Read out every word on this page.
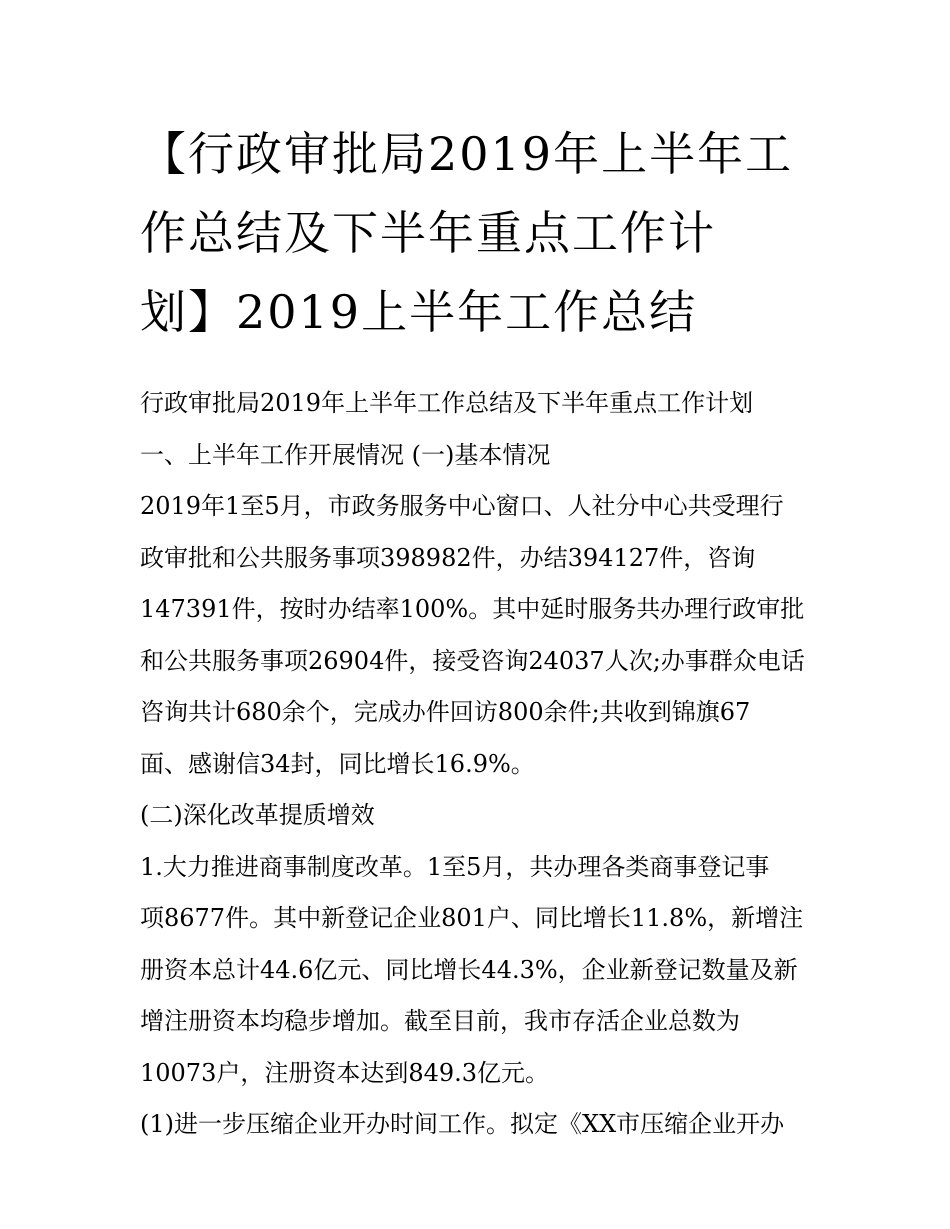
【行政审批局2019年上半年工
作总结及下半年重点工作计
划】2019上半年工作总结

行政审批局2019年上半年工作总结及下半年重点工作计划

一、上半年工作开展情况 (一)基本情况

2019年1至5月，市政务服务中心窗口、人社分中心共受理行

政审批和公共服务事项398982件，办结394127件，咨询

147391件，按时办结率100%。其中延时服务共办理行政审批

和公共服务事项26904件，接受咨询24037人次;办事群众电话

咨询共计680余个，完成办件回访800余件;共收到锦旗67

面、感谢信34封，同比增长16.9%。

(二)深化改革提质增效

1.大力推进商事制度改革。1至5月，共办理各类商事登记事

项8677件。其中新登记企业801户、同比增长11.8%，新增注

册资本总计44.6亿元、同比增长44.3%，企业新登记数量及新

增注册资本均稳步增加。截至目前，我市存活企业总数为

10073户，注册资本达到849.3亿元。

(1)进一步压缩企业开办时间工作。拟定《XX市压缩企业开办
